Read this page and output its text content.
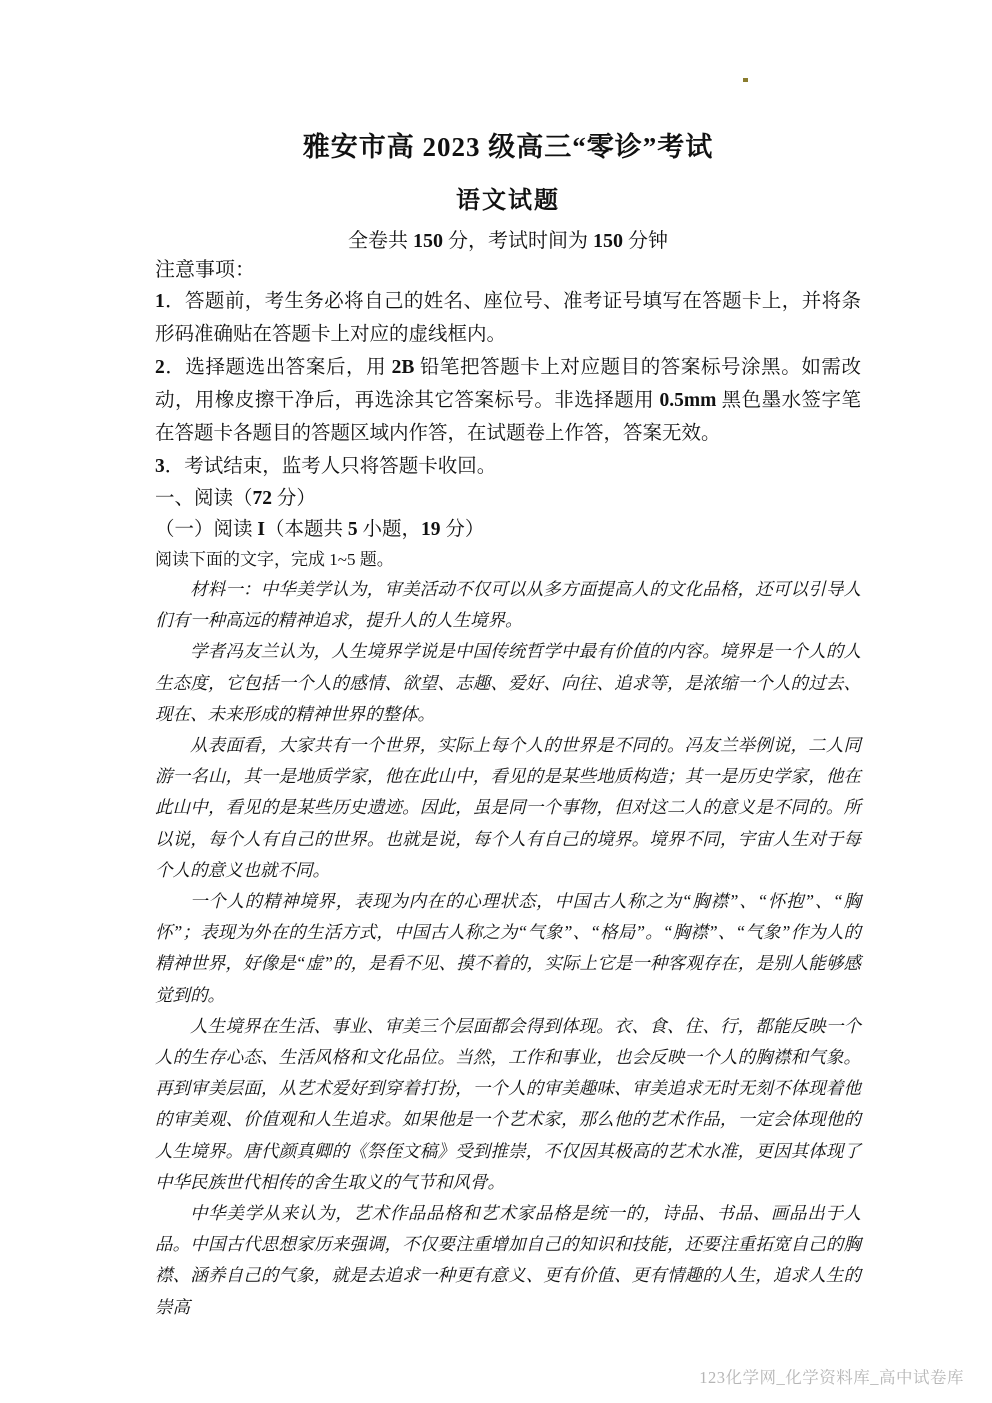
雅安市高 2023 级高三“零诊”考试
语文试题

全卷共 150 分，考试时间为 150 分钟

注意事项：

1．答题前，考生务必将自己的姓名、座位号、准考证号填写在答题卡上，并将条形码准确贴在答题卡上对应的虚线框内。

2．选择题选出答案后，用 2B 铅笔把答题卡上对应题目的答案标号涂黑。如需改动，用橡皮擦干净后，再选涂其它答案标号。非选择题用 0.5mm 黑色墨水签字笔在答题卡各题目的答题区域内作答，在试题卷上作答，答案无效。

3．考试结束，监考人只将答题卡收回。

一、阅读（72 分）

（一）阅读 I（本题共 5 小题，19 分）

阅读下面的文字，完成 1~5 题。

材料一：中华美学认为，审美活动不仅可以从多方面提高人的文化品格，还可以引导人们有一种高远的精神追求，提升人的人生境界。

学者冯友兰认为，人生境界学说是中国传统哲学中最有价值的内容。境界是一个人的人生态度，它包括一个人的感情、欲望、志趣、爱好、向往、追求等，是浓缩一个人的过去、现在、未来形成的精神世界的整体。

从表面看，大家共有一个世界，实际上每个人的世界是不同的。冯友兰举例说，二人同游一名山，其一是地质学家，他在此山中，看见的是某些地质构造；其一是历史学家，他在此山中，看见的是某些历史遗迹。因此，虽是同一个事物，但对这二人的意义是不同的。所以说，每个人有自己的世界。也就是说，每个人有自己的境界。境界不同，宇宙人生对于每个人的意义也就不同。

一个人的精神境界，表现为内在的心理状态，中国古人称之为“胸襟”、“怀抱”、“胸怀”；表现为外在的生活方式，中国古人称之为“气象”、“格局”。“胸襟”、“气象”作为人的精神世界，好像是“虚”的，是看不见、摸不着的，实际上它是一种客观存在，是别人能够感觉到的。

人生境界在生活、事业、审美三个层面都会得到体现。衣、食、住、行，都能反映一个人的生存心态、生活风格和文化品位。当然，工作和事业，也会反映一个人的胸襟和气象。再到审美层面，从艺术爱好到穿着打扮，一个人的审美趣味、审美追求无时无刻不体现着他的审美观、价值观和人生追求。如果他是一个艺术家，那么他的艺术作品，一定会体现他的人生境界。唐代颜真卿的《祭侄文稿》受到推崇，不仅因其极高的艺术水准，更因其体现了中华民族世代相传的舍生取义的气节和风骨。

中华美学从来认为，艺术作品品格和艺术家品格是统一的，诗品、书品、画品出于人品。中国古代思想家历来强调，不仅要注重增加自己的知识和技能，还要注重拓宽自己的胸襟、涵养自己的气象，就是去追求一种更有意义、更有价值、更有情趣的人生，追求人生的崇高

123化学网_化学资料库_高中试卷库
